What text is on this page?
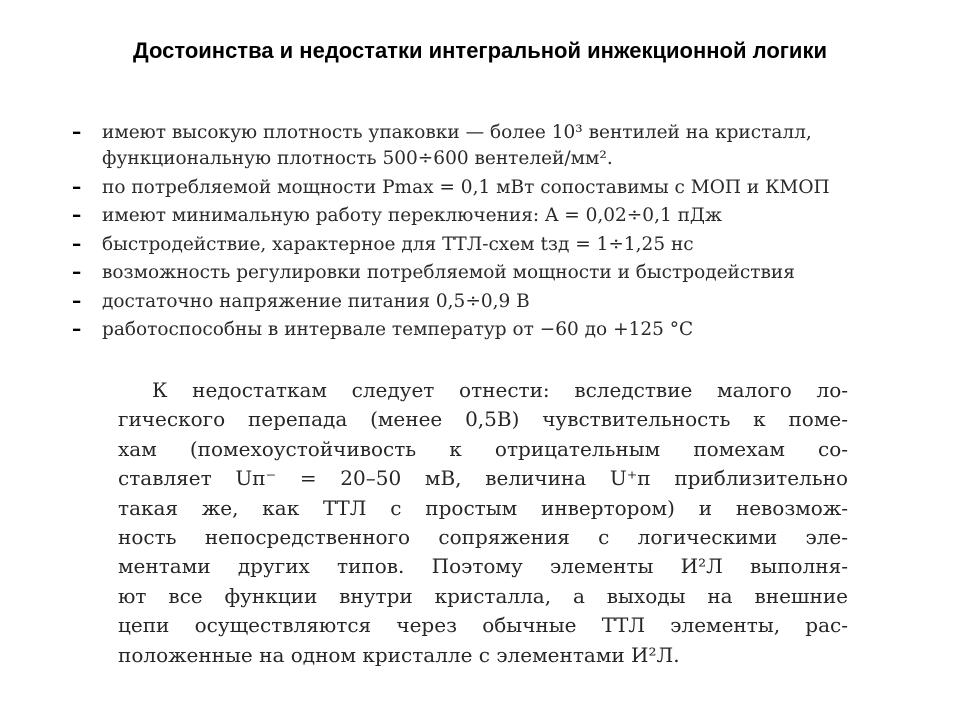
Достоинства и недостатки интегральной инжекционной логики
–	имеют высокую плотность упаковки — более 10³ вентилей на кристалл,
функциональную плотность 500÷600 вентелей/мм².
–	по потребляемой мощности Pmax = 0,1 мВт сопоставимы с МОП и КМОП
–	имеют минимальную работу переключения: A = 0,02÷0,1 пДж
–	быстродействие, характерное для ТТЛ-схем tзд = 1÷1,25 нс
–	возможность регулировки потребляемой мощности и быстродействия
–	достаточно напряжение питания 0,5÷0,9 В
–	работоспособны в интервале температур от −60 до +125 °С
К недостаткам следует отнести: вследствие малого ло-
гического перепада (менее 0,5В) чувствительность к поме-
хам (помехоустойчивость к отрицательным помехам со-
ставляет Uп⁻ = 20–50 мВ, величина U⁺п приблизительно
такая же, как ТТЛ с простым инвертором) и невозмож-
ность непосредственного сопряжения с логическими эле-
ментами других типов. Поэтому элементы И²Л выполня-
ют все функции внутри кристалла, а выходы на внешние
цепи осуществляются через обычные ТТЛ элементы, рас-
положенные на одном кристалле с элементами И²Л.
